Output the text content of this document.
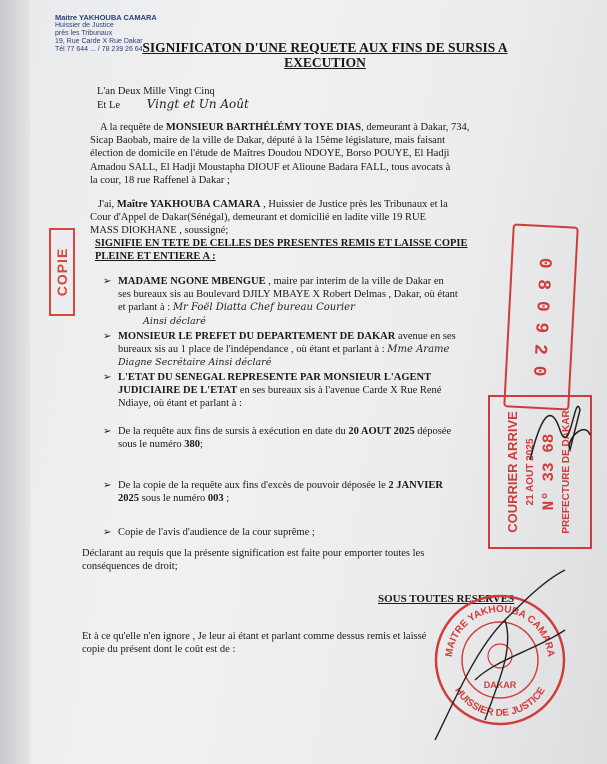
Maitre YAKHOUBA CAMARA
Huissier de Justice
près les Tribunaux
19, Rue Carde X Rue Dakar
Tél 77 644 ... / 78 239 26 64 SIGNIFICATON D'UNE REQUETE AUX FINS DE SURSIS A
EXECUTION
L'an Deux Mille Vingt Cinq
Et Le Vingt et Un Août
A la requête de MONSIEUR BARTHÉLÉMY TOYE DIAS, demeurant à Dakar, 734,
Sicap Baobab, maire de la ville de Dakar, député à la 15ème législature, mais faisant
élection de domicile en l'étude de Maîtres Doudou NDOYE, Borso POUYE, El Hadji
Amadou SALL, El Hadji Moustapha DIOUF et Alioune Badara FALL, tous avocats à
la cour, 18 rue Raffenel à Dakar ;
J'ai, Maître YAKHOUBA CAMARA , Huissier de Justice près les Tribunaux et la
Cour d'Appel de Dakar(Sénégal), demeurant et domicilié en ladite ville 19 RUE
MASS DIOKHANE , soussigné;
COPIE
SIGNIFIE EN TETE DE CELLES DES PRESENTES REMIS ET LAISSE COPIE
PLEINE ET ENTIERE A :
➢ MADAME NGONE MBENGUE , maire par interim de la ville de Dakar en
ses bureaux sis au Boulevard DJILY MBAYE X Robert Delmas , Dakar, où étant
et parlant à : Mr Foël Diatta Chef bureau Courier
Ainsi déclaré
➢ MONSIEUR LE PREFET DU DEPARTEMENT DE DAKAR avenue en ses
bureaux sis au 1 place de l'indépendance , où étant et parlant à : Mme Arame
Diagne Secrétaire Ainsi déclaré
➢ L'ETAT DU SENEGAL REPRESENTE PAR MONSIEUR L'AGENT
JUDICIAIRE DE L'ETAT en ses bureaux sis à l'avenue Carde X Rue René
Ndiaye, où étant et parlant à :
➢ De la requête aux fins de sursis à exécution en date du 20 AOUT 2025 déposée
sous le numéro 380;
➢ De la copie de la requête aux fins d'excès de pouvoir déposée le 2 JANVIER
2025 sous le numéro 003 ;
➢ Copie de l'avis d'audience de la cour suprême ;
Déclarant au requis que la présente signification est faite pour emporter toutes les
conséquences de droit;
SOUS TOUTES RESERVES
Et à ce qu'elle n'en ignore , Je leur ai étant et parlant comme dessus remis et laissé
copie du présent dont le coût est de :
0 8 0 9 2 0
COURRIER ARRIVE 21 AOUT 2025 N° 33 68 PREFECTURE DE DAKAR
MAITRE YAKHOUBA CAMARA
HUISSIER DE JUSTICE
DAKAR
